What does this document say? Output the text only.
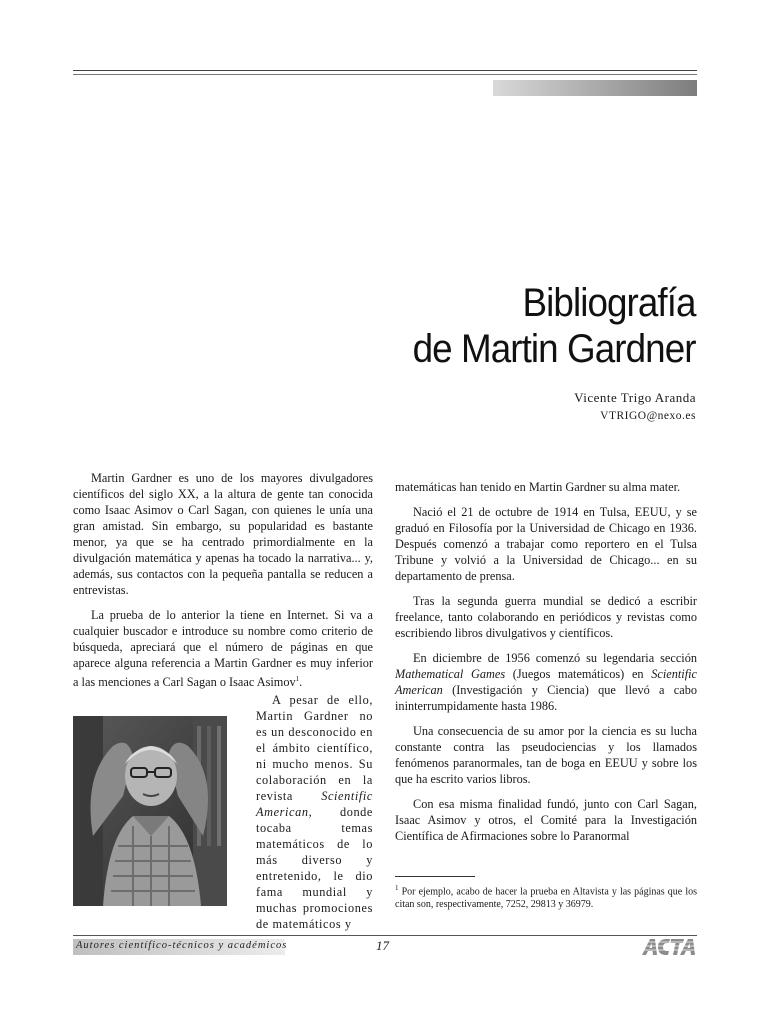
Bibliografía
de Martin Gardner
Vicente Trigo Aranda
VTRIGO@nexo.es

Martin Gardner es uno de los mayores divulgadores científicos del siglo XX, a la altura de gente tan conocida como Isaac Asimov o Carl Sagan, con quienes le unía una gran amistad. Sin embargo, su popularidad es bastante menor, ya que se ha centrado primordialmente en la divulgación matemática y apenas ha tocado la narrativa... y, además, sus contactos con la pequeña pantalla se reducen a entrevistas.

La prueba de lo anterior la tiene en Internet. Si va a cualquier buscador e introduce su nombre como criterio de búsqueda, apreciará que el número de páginas en que aparece alguna referencia a Martin Gardner es muy inferior a las menciones a Carl Sagan o Isaac Asimov$^1$.

A pesar de ello, Martin Gardner no es un desconocido en el ámbito científico, ni mucho menos. Su colaboración en la revista Scientific American, donde tocaba temas matemáticos de lo más diverso y entretenido, le dio fama mundial y muchas promociones de matemáticos y

matemáticas han tenido en Martin Gardner su alma mater.

Nació el 21 de octubre de 1914 en Tulsa, EEUU, y se graduó en Filosofía por la Universidad de Chicago en 1936. Después comenzó a trabajar como reportero en el Tulsa Tribune y volvió a la Universidad de Chicago... en su departamento de prensa.

Tras la segunda guerra mundial se dedicó a escribir freelance, tanto colaborando en periódicos y revistas como escribiendo libros divulgativos y científicos.

En diciembre de 1956 comenzó su legendaria sección Mathematical Games (Juegos matemáticos) en Scientific American (Investigación y Ciencia) que llevó a cabo ininterrumpidamente hasta 1986.

Una consecuencia de su amor por la ciencia es su lucha constante contra las pseudociencias y los llamados fenómenos paranormales, tan de boga en EEUU y sobre los que ha escrito varios libros.

Con esa misma finalidad fundó, junto con Carl Sagan, Isaac Asimov y otros, el Comité para la Investigación Científica de Afirmaciones sobre lo Paranormal

$^1$ Por ejemplo, acabo de hacer la prueba en Altavista y las páginas que los citan son, respectivamente, 7252, 29813 y 36979.
Autores científico-técnicos y académicos	17
